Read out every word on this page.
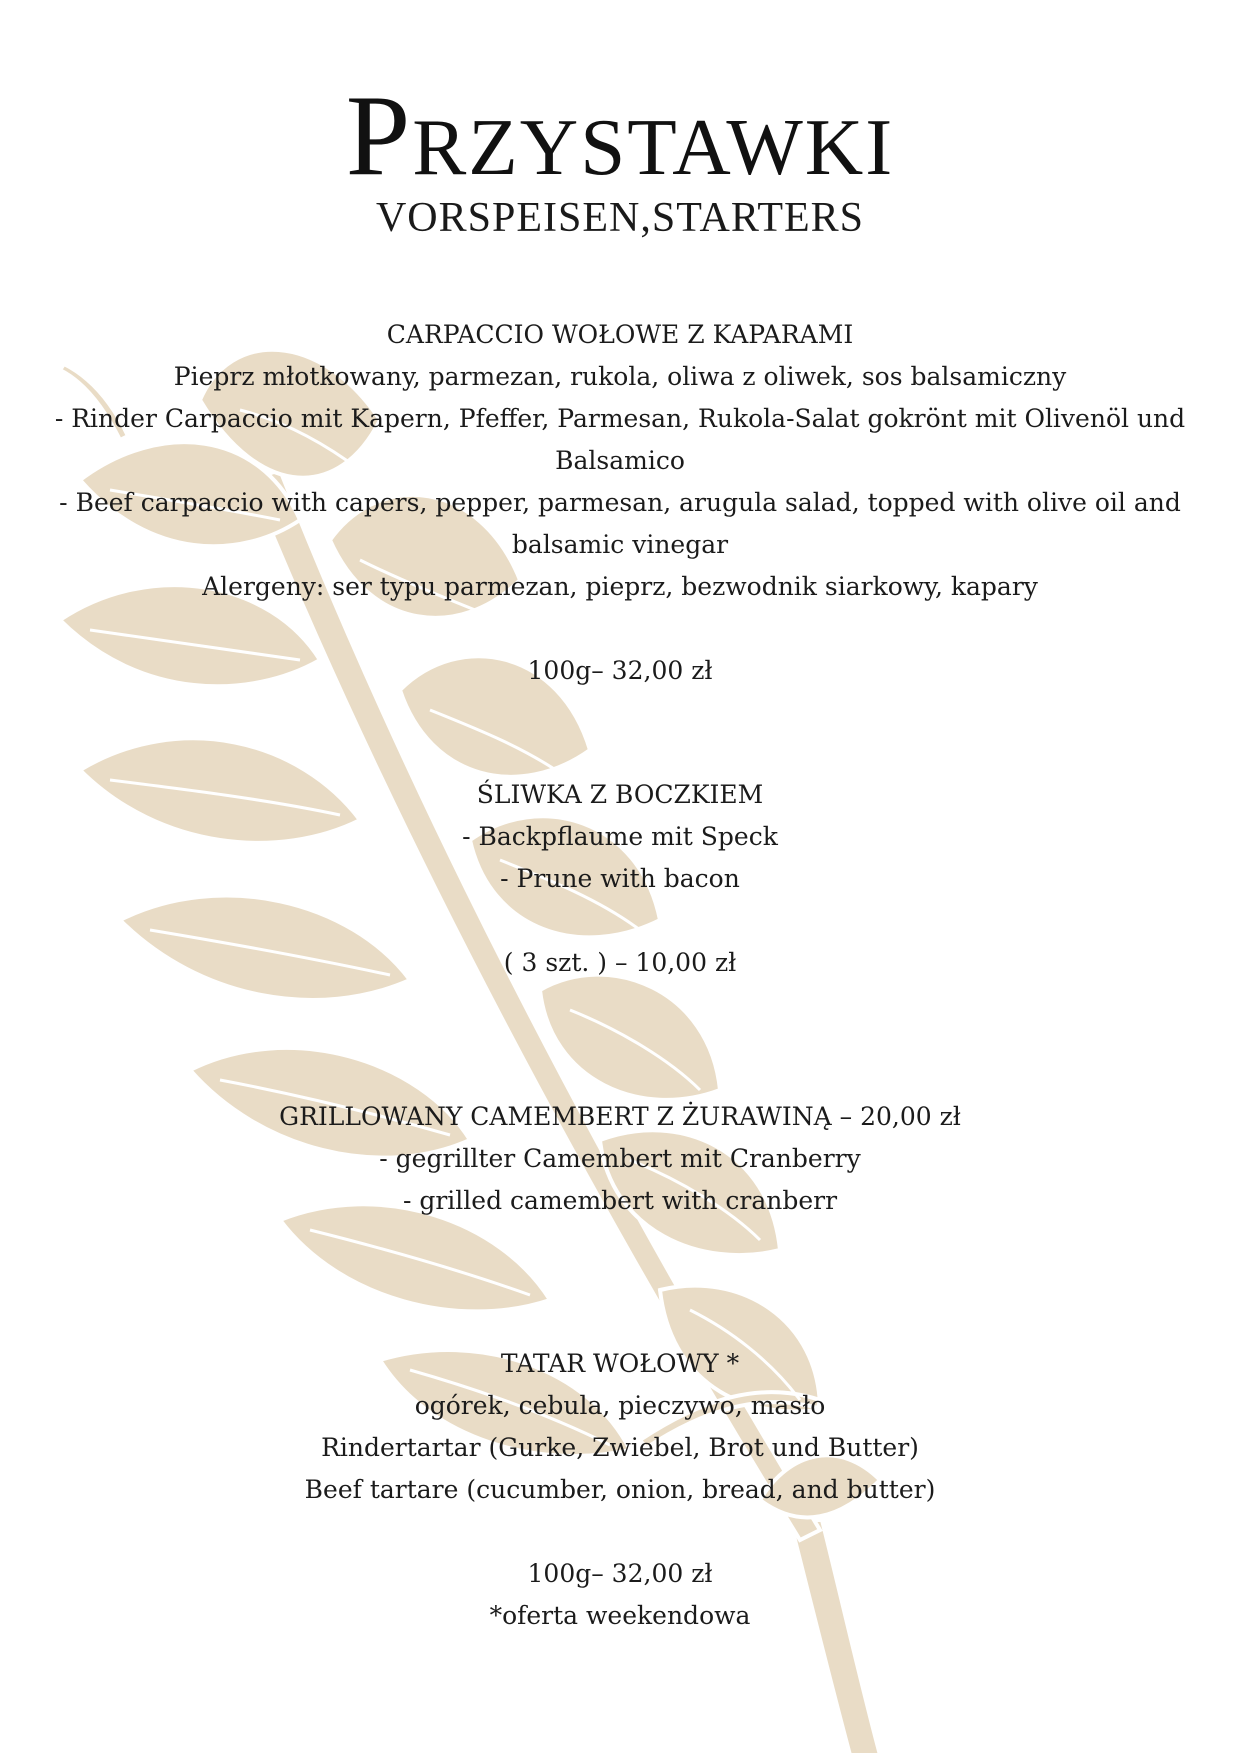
Przystawki
VORSPEISEN,STARTERS
CARPACCIO WOŁOWE Z KAPARAMI
Pieprz młotkowany, parmezan, rukola, oliwa z oliwek, sos balsamiczny
- Rinder Carpaccio mit Kapern, Pfeffer, Parmesan, Rukola-Salat gokrönt mit Olivenöl und
Balsamico
- Beef carpaccio with capers, pepper, parmesan, arugula salad, topped with olive oil and
balsamic vinegar
Alergeny: ser typu parmezan, pieprz, bezwodnik siarkowy, kapary
100g– 32,00 zł
ŚLIWKA Z BOCZKIEM
- Backpflaume mit Speck
- Prune with bacon
( 3 szt. ) – 10,00 zł
GRILLOWANY CAMEMBERT Z ŻURAWINĄ – 20,00 zł
- gegrillter Camembert mit Cranberry
- grilled camembert with cranberr
TATAR WOŁOWY *
ogórek, cebula, pieczywo, masło
Rindertartar (Gurke, Zwiebel, Brot und Butter)
Beef tartare (cucumber, onion, bread, and butter)
100g– 32,00 zł
*oferta weekendowa
